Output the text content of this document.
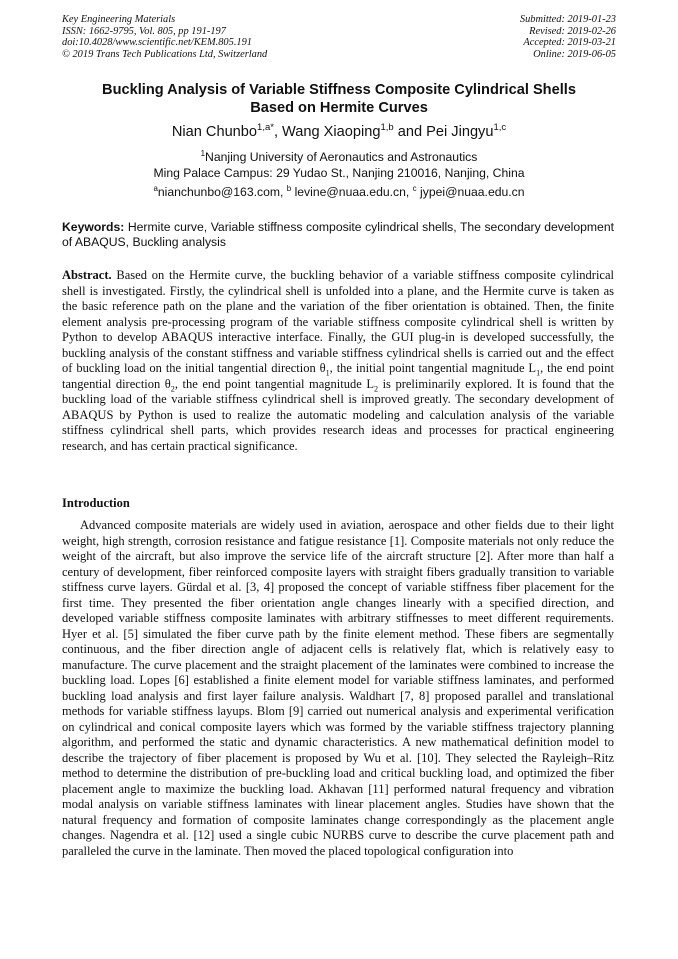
Key Engineering Materials
ISSN: 1662-9795, Vol. 805, pp 191-197
doi:10.4028/www.scientific.net/KEM.805.191
© 2019 Trans Tech Publications Ltd, Switzerland
Submitted: 2019-01-23
Revised: 2019-02-26
Accepted: 2019-03-21
Online: 2019-06-05
Buckling Analysis of Variable Stiffness Composite Cylindrical Shells
Based on Hermite Curves
Nian Chunbo$^{1,a*}$, Wang Xiaoping$^{1,b}$ and Pei Jingyu$^{1,c}$
$^1$Nanjing University of Aeronautics and Astronautics
Ming Palace Campus: 29 Yudao St., Nanjing 210016, Nanjing, China
$^a$nianchunbo@163.com, $^b$ levine@nuaa.edu.cn, $^c$ jypei@nuaa.edu.cn
Keywords: Hermite curve, Variable stiffness composite cylindrical shells, The secondary development of ABAQUS, Buckling analysis
Abstract. Based on the Hermite curve, the buckling behavior of a variable stiffness composite cylindrical shell is investigated. Firstly, the cylindrical shell is unfolded into a plane, and the Hermite curve is taken as the basic reference path on the plane and the variation of the fiber orientation is obtained. Then, the finite element analysis pre-processing program of the variable stiffness composite cylindrical shell is written by Python to develop ABAQUS interactive interface. Finally, the GUI plug-in is developed successfully, the buckling analysis of the constant stiffness and variable stiffness cylindrical shells is carried out and the effect of buckling load on the initial tangential direction $\theta_1$, the initial point tangential magnitude $L_1$, the end point tangential direction $\theta_2$, the end point tangential magnitude $L_2$ is preliminarily explored. It is found that the buckling load of the variable stiffness cylindrical shell is improved greatly. The secondary development of ABAQUS by Python is used to realize the automatic modeling and calculation analysis of the variable stiffness cylindrical shell parts, which provides research ideas and processes for practical engineering research, and has certain practical significance.
Introduction
Advanced composite materials are widely used in aviation, aerospace and other fields due to their light weight, high strength, corrosion resistance and fatigue resistance [1]. Composite materials not only reduce the weight of the aircraft, but also improve the service life of the aircraft structure [2]. After more than half a century of development, fiber reinforced composite layers with straight fibers gradually transition to variable stiffness curve layers. Gürdal et al. [3, 4] proposed the concept of variable stiffness fiber placement for the first time. They presented the fiber orientation angle changes linearly with a specified direction, and developed variable stiffness composite laminates with arbitrary stiffnesses to meet different requirements. Hyer et al. [5] simulated the fiber curve path by the finite element method. These fibers are segmentally continuous, and the fiber direction angle of adjacent cells is relatively flat, which is relatively easy to manufacture. The curve placement and the straight placement of the laminates were combined to increase the buckling load. Lopes [6] established a finite element model for variable stiffness laminates, and performed buckling load analysis and first layer failure analysis. Waldhart [7, 8] proposed parallel and translational methods for variable stiffness layups. Blom [9] carried out numerical analysis and experimental verification on cylindrical and conical composite layers which was formed by the variable stiffness trajectory planning algorithm, and performed the static and dynamic characteristics. A new mathematical definition model to describe the trajectory of fiber placement is proposed by Wu et al. [10]. They selected the Rayleigh–Ritz method to determine the distribution of pre-buckling load and critical buckling load, and optimized the fiber placement angle to maximize the buckling load. Akhavan [11] performed natural frequency and vibration modal analysis on variable stiffness laminates with linear placement angles. Studies have shown that the natural frequency and formation of composite laminates change correspondingly as the placement angle changes. Nagendra et al. [12] used a single cubic NURBS curve to describe the curve placement path and paralleled the curve in the laminate. Then moved the placed topological configuration into
